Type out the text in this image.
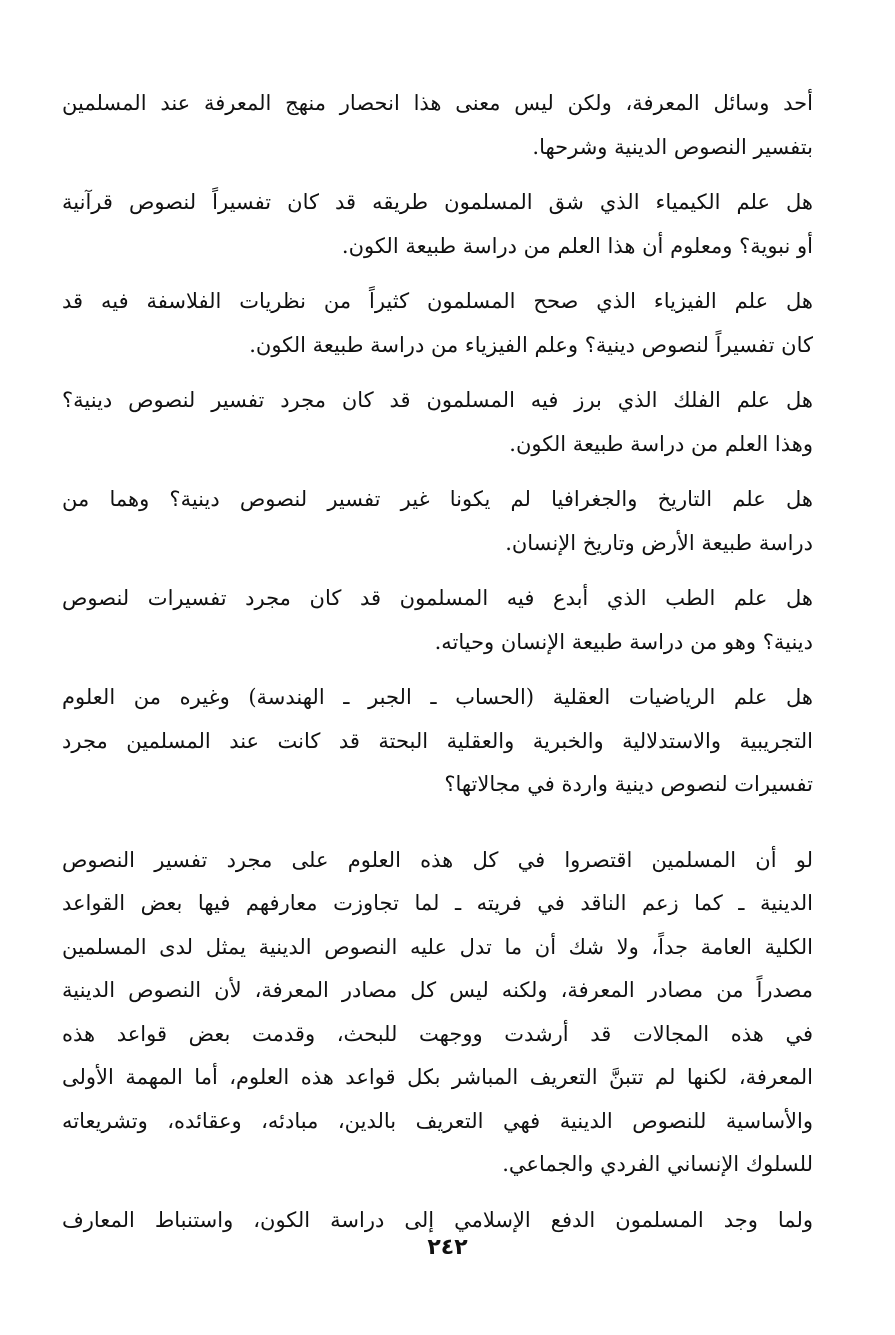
أحد وسائل المعرفة، ولكن ليس معنى هذا انحصار منهج المعرفة عند المسلمين
بتفسير النصوص الدينية وشرحها.

هل علم الكيمياء الذي شق المسلمون طريقه قد كان تفسيراً لنصوص قرآنية
أو نبوية؟ ومعلوم أن هذا العلم من دراسة طبيعة الكون.

هل علم الفيزياء الذي صحح المسلمون كثيراً من نظريات الفلاسفة فيه قد
كان تفسيراً لنصوص دينية؟ وعلم الفيزياء من دراسة طبيعة الكون.

هل علم الفلك الذي برز فيه المسلمون قد كان مجرد تفسير لنصوص دينية؟
وهذا العلم من دراسة طبيعة الكون.

هل علم التاريخ والجغرافيا لم يكونا غير تفسير لنصوص دينية؟ وهما من
دراسة طبيعة الأرض وتاريخ الإنسان.

هل علم الطب الذي أبدع فيه المسلمون قد كان مجرد تفسيرات لنصوص
دينية؟ وهو من دراسة طبيعة الإنسان وحياته.

هل علم الرياضيات العقلية (الحساب ـ الجبر ـ الهندسة) وغيره من العلوم
التجريبية والاستدلالية والخبرية والعقلية البحتة قد كانت عند المسلمين مجرد
تفسيرات لنصوص دينية واردة في مجالاتها؟

لو أن المسلمين اقتصروا في كل هذه العلوم على مجرد تفسير النصوص
الدينية ـ كما زعم الناقد في فريته ـ لما تجاوزت معارفهم فيها بعض القواعد
الكلية العامة جداً، ولا شك أن ما تدل عليه النصوص الدينية يمثل لدى المسلمين
مصدراً من مصادر المعرفة، ولكنه ليس كل مصادر المعرفة، لأن النصوص الدينية
في هذه المجالات قد أرشدت ووجهت للبحث، وقدمت بعض قواعد هذه
المعرفة، لكنها لم تتبنَّ التعريف المباشر بكل قواعد هذه العلوم، أما المهمة الأولى
والأساسية للنصوص الدينية فهي التعريف بالدين، مبادئه، وعقائده، وتشريعاته
للسلوك الإنساني الفردي والجماعي.

ولما وجد المسلمون الدفع الإسلامي إلى دراسة الكون، واستنباط المعارف

٢٤٢
